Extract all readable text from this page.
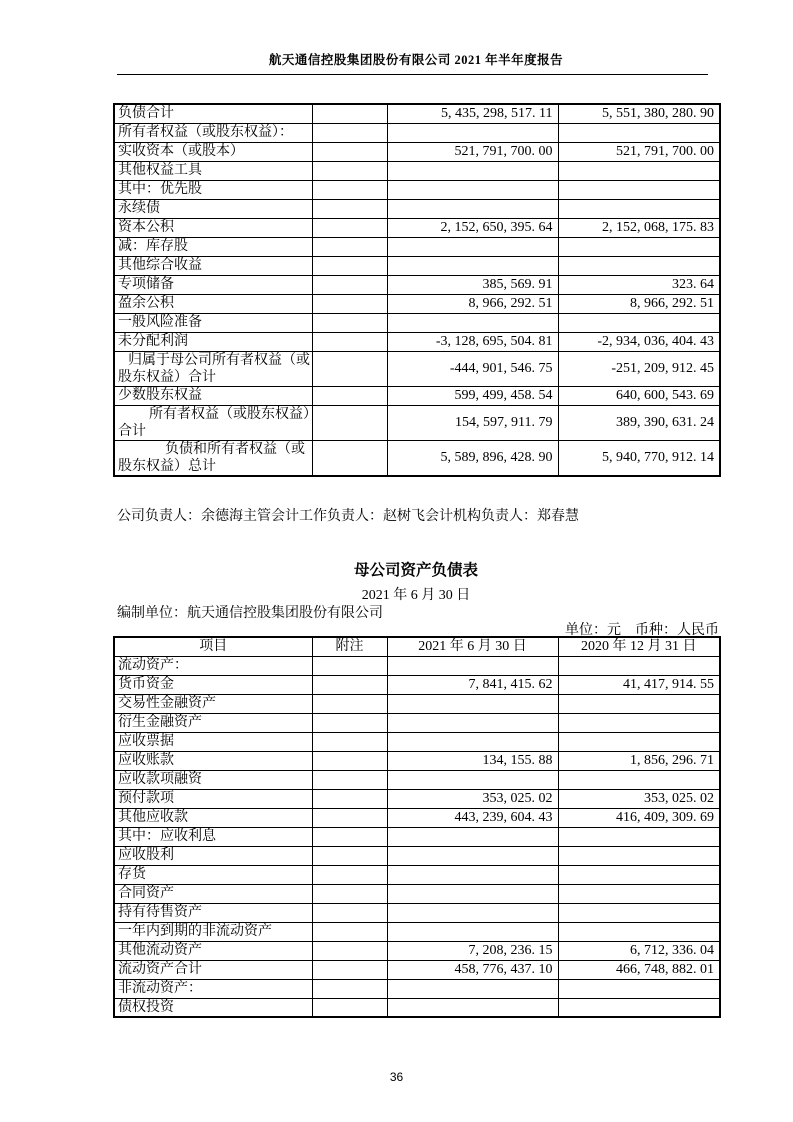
航天通信控股集团股份有限公司 2021 年半年度报告
负债合计		5, 435, 298, 517. 11	5, 551, 380, 280. 90
所有者权益（或股东权益）：			
实收资本（或股本）		521, 791, 700. 00	521, 791, 700. 00
其他权益工具			
其中：优先股			
永续债			
资本公积		2, 152, 650, 395. 64	2, 152, 068, 175. 83
减：库存股			
其他综合收益			
专项储备		385, 569. 91	323. 64
盈余公积		8, 966, 292. 51	8, 966, 292. 51
一般风险准备			
未分配利润		-3, 128, 695, 504. 81	-2, 934, 036, 404. 43
归属于母公司所有者权益（或股东权益）合计		-444, 901, 546. 75	-251, 209, 912. 45
少数股东权益		599, 499, 458. 54	640, 600, 543. 69
所有者权益（或股东权益）合计		154, 597, 911. 79	389, 390, 631. 24
负债和所有者权益（或股东权益）总计		5, 589, 896, 428. 90	5, 940, 770, 912. 14
公司负责人：余德海主管会计工作负责人：赵树飞会计机构负责人：郑春慧
母公司资产负债表
2021 年 6 月 30 日
编制单位：航天通信控股集团股份有限公司
单位：元　币种：人民币
项目	附注	2021 年 6 月 30 日	2020 年 12 月 31 日
流动资产：			
货币资金		7, 841, 415. 62	41, 417, 914. 55
交易性金融资产			
衍生金融资产			
应收票据			
应收账款		134, 155. 88	1, 856, 296. 71
应收款项融资			
预付款项		353, 025. 02	353, 025. 02
其他应收款		443, 239, 604. 43	416, 409, 309. 69
其中：应收利息			
应收股利			
存货			
合同资产			
持有待售资产			
一年内到期的非流动资产			
其他流动资产		7, 208, 236. 15	6, 712, 336. 04
流动资产合计		458, 776, 437. 10	466, 748, 882. 01
非流动资产：			
债权投资			
36
